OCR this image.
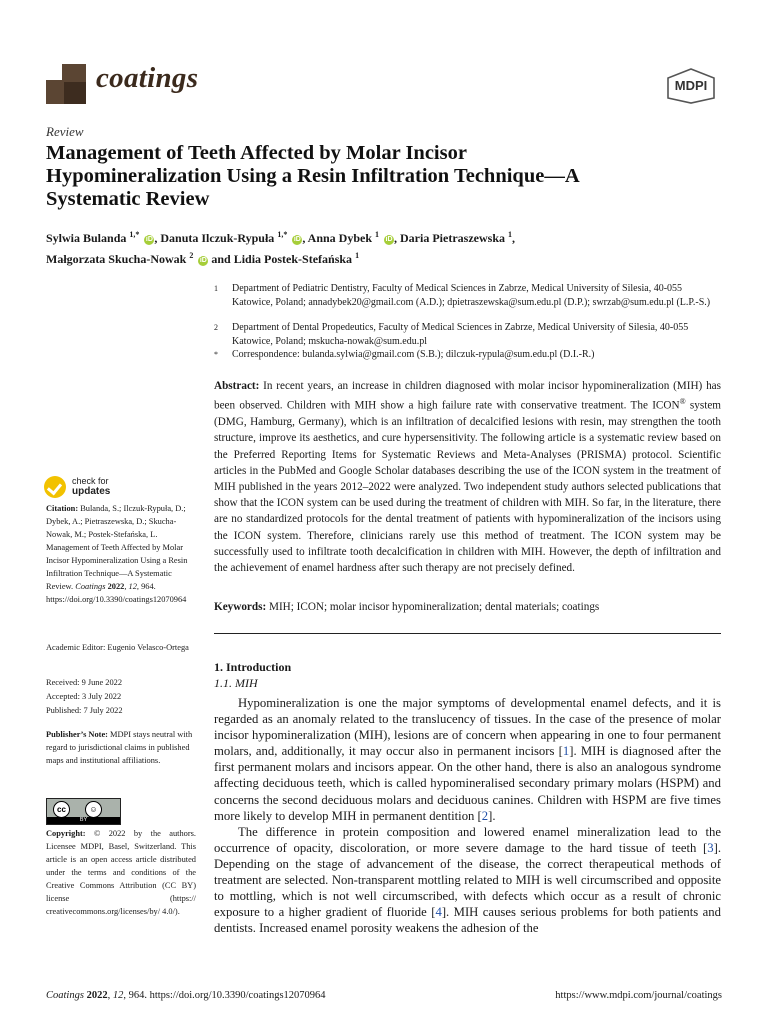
coatings	MDPI
Review
Management of Teeth Affected by Molar Incisor Hypomineralization Using a Resin Infiltration Technique—A Systematic Review
Sylwia Bulanda $^{1,*}$ iD , Danuta Ilczuk-Rypuła $^{1,*}$ iD , Anna Dybek $^1$ iD , Daria Pietraszewska $^1$,
Małgorzata Skucha-Nowak $^2$ iD and Lidia Postek-Stefańska $^1$
1 Department of Pediatric Dentistry, Faculty of Medical Sciences in Zabrze, Medical University of Silesia, 40-055 Katowice, Poland; annadybek20@gmail.com (A.D.); dpietraszewska@sum.edu.pl (D.P.); swrzab@sum.edu.pl (L.P.-S.)
2 Department of Dental Propedeutics, Faculty of Medical Sciences in Zabrze, Medical University of Silesia, 40-055 Katowice, Poland; mskucha-nowak@sum.edu.pl
* Correspondence: bulanda.sylwia@gmail.com (S.B.); dilczuk-rypula@sum.edu.pl (D.I.-R.)
Abstract: In recent years, an increase in children diagnosed with molar incisor hypomineralization (MIH) has been observed. Children with MIH show a high failure rate with conservative treatment. The ICON® system (DMG, Hamburg, Germany), which is an infiltration of decalcified lesions with resin, may strengthen the tooth structure, improve its aesthetics, and cure hypersensitivity. The following article is a systematic review based on the Preferred Reporting Items for Systematic Reviews and Meta-Analyses (PRISMA) protocol. Scientific articles in the PubMed and Google Scholar databases describing the use of the ICON system in the treatment of MIH published in the years 2012–2022 were analyzed. Two independent study authors selected publications that show that the ICON system can be used during the treatment of children with MIH. So far, in the literature, there are no standardized protocols for the dental treatment of patients with hypomineralization of the incisors using the ICON system. Therefore, clinicians rarely use this method of treatment. The ICON system may be successfully used to infiltrate tooth decalcification in children with MIH. However, the depth of infiltration and the achievement of enamel hardness after such therapy are not precisely defined.
Keywords: MIH; ICON; molar incisor hypomineralization; dental materials; coatings
1. Introduction
1.1. MIH

Hypomineralization is one the major symptoms of developmental enamel defects, and it is regarded as an anomaly related to the translucency of tissues. In the case of the presence of molar incisor hypomineralization (MIH), lesions are of concern when appearing in one to four permanent molars, and, additionally, it may occur also in permanent incisors [1]. MIH is diagnosed after the first permanent molars and incisors appear. On the other hand, there is also an analogous syndrome affecting deciduous teeth, which is called hypomineralised secondary primary molars (HSPM) and concerns the second deciduous molars and deciduous canines. Children with HSPM are five times more likely to develop MIH in permanent dentition [2].

The difference in protein composition and lowered enamel mineralization lead to the occurrence of opacity, discoloration, or more severe damage to the hard tissue of teeth [3]. Depending on the stage of advancement of the disease, the correct therapeutical methods of treatment are selected. Non-transparent mottling related to MIH is well circumscribed and opposite to mottling, which is not well circumscribed, with defects which occur as a result of chronic exposure to a higher gradient of fluoride [4]. MIH causes serious problems for both patients and dentists. Increased enamel porosity weakens the adhesion of the

check for
updates
Citation: Bulanda, S.; Ilczuk-Rypuła, D.; Dybek, A.; Pietraszewska, D.; Skucha-Nowak, M.; Postek-Stefańska, L. Management of Teeth Affected by Molar Incisor Hypomineralization Using a Resin Infiltration Technique—A Systematic Review. Coatings 2022, 12, 964. https://doi.org/10.3390/coatings12070964
Academic Editor: Eugenio Velasco-Ortega
Received: 9 June 2022
Accepted: 3 July 2022
Published: 7 July 2022
Publisher’s Note: MDPI stays neutral with regard to jurisdictional claims in published maps and institutional affiliations.
cc	☺
BY
Copyright: © 2022 by the authors. Licensee MDPI, Basel, Switzerland. This article is an open access article distributed under the terms and conditions of the Creative Commons Attribution (CC BY) license (https:// creativecommons.org/licenses/by/ 4.0/).
Coatings 2022, 12, 964. https://doi.org/10.3390/coatings12070964	https://www.mdpi.com/journal/coatings
